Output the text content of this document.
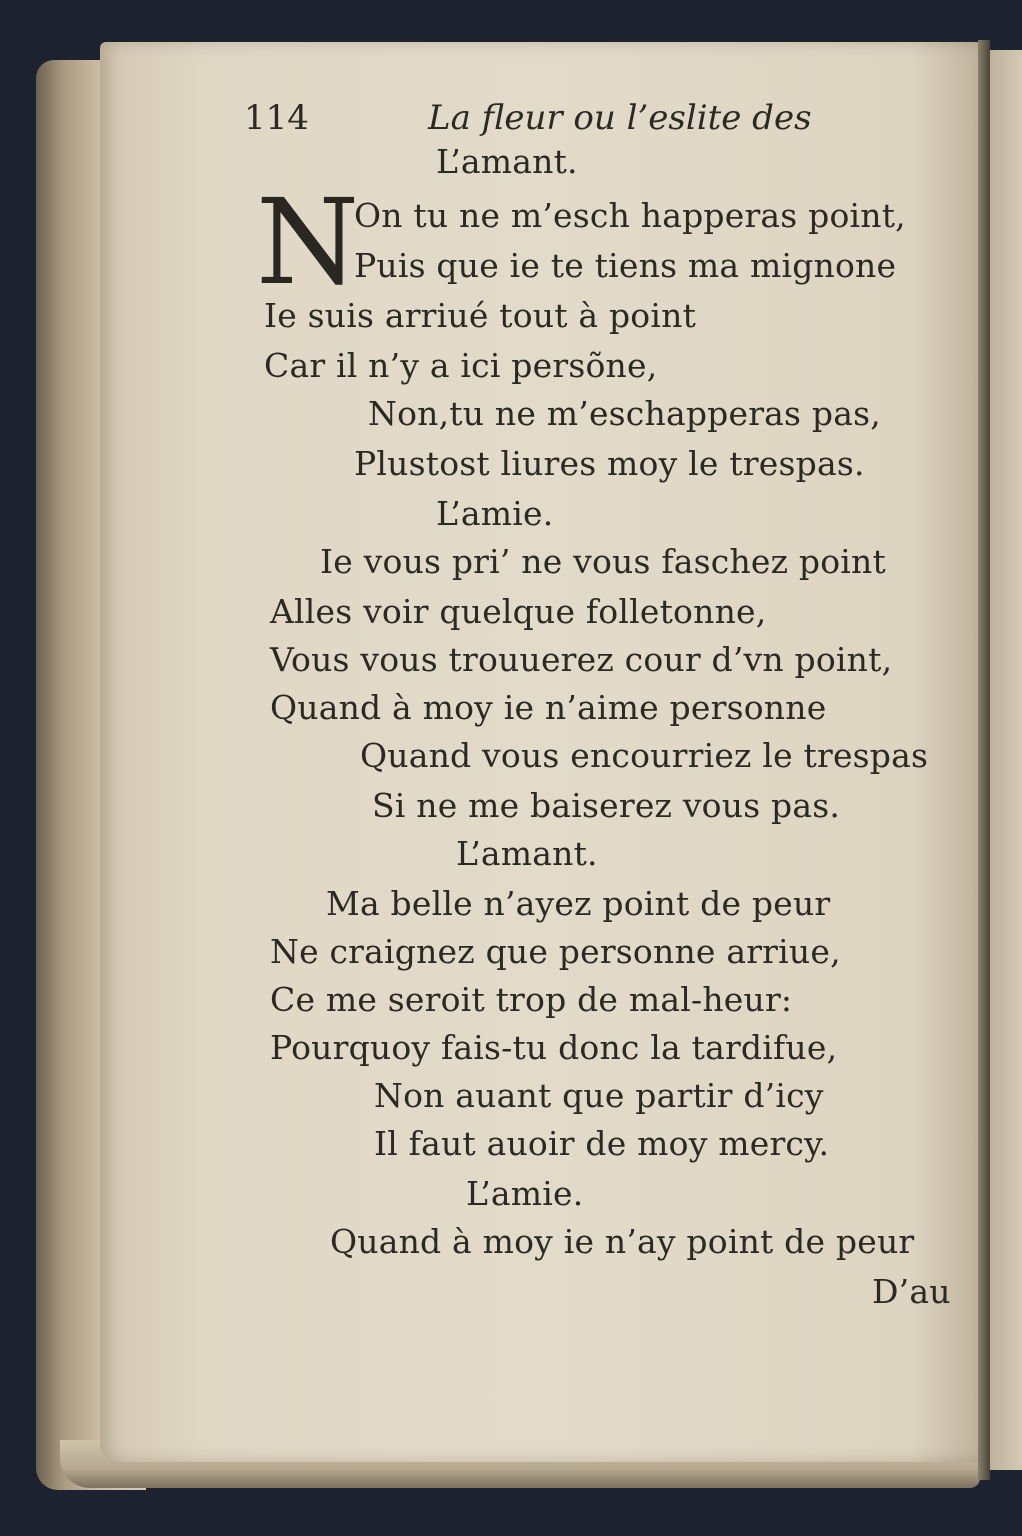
114	La fleur ou l’eslite des
L’amant.
N
On tu ne m’esch happeras point,
Puis que ie te tiens ma mignone
Ie suis arriué tout à point
Car il n’y a ici persõne,
Non,tu ne m’eschapperas pas,
Plustost liures moy le trespas.
L’amie.
Ie vous pri’ ne vous faschez point
Alles voir quelque folletonne,
Vous vous trouuerez cour d’vn point,
Quand à moy ie n’aime personne
Quand vous encourriez le trespas
Si ne me baiserez vous pas.
L’amant.
Ma belle n’ayez point de peur
Ne craignez que personne arriue,
Ce me seroit trop de mal-heur:
Pourquoy fais-tu donc la tardifue,
Non auant que partir d’icy
Il faut auoir de moy mercy.
L’amie.
Quand à moy ie n’ay point de peur
D’au
